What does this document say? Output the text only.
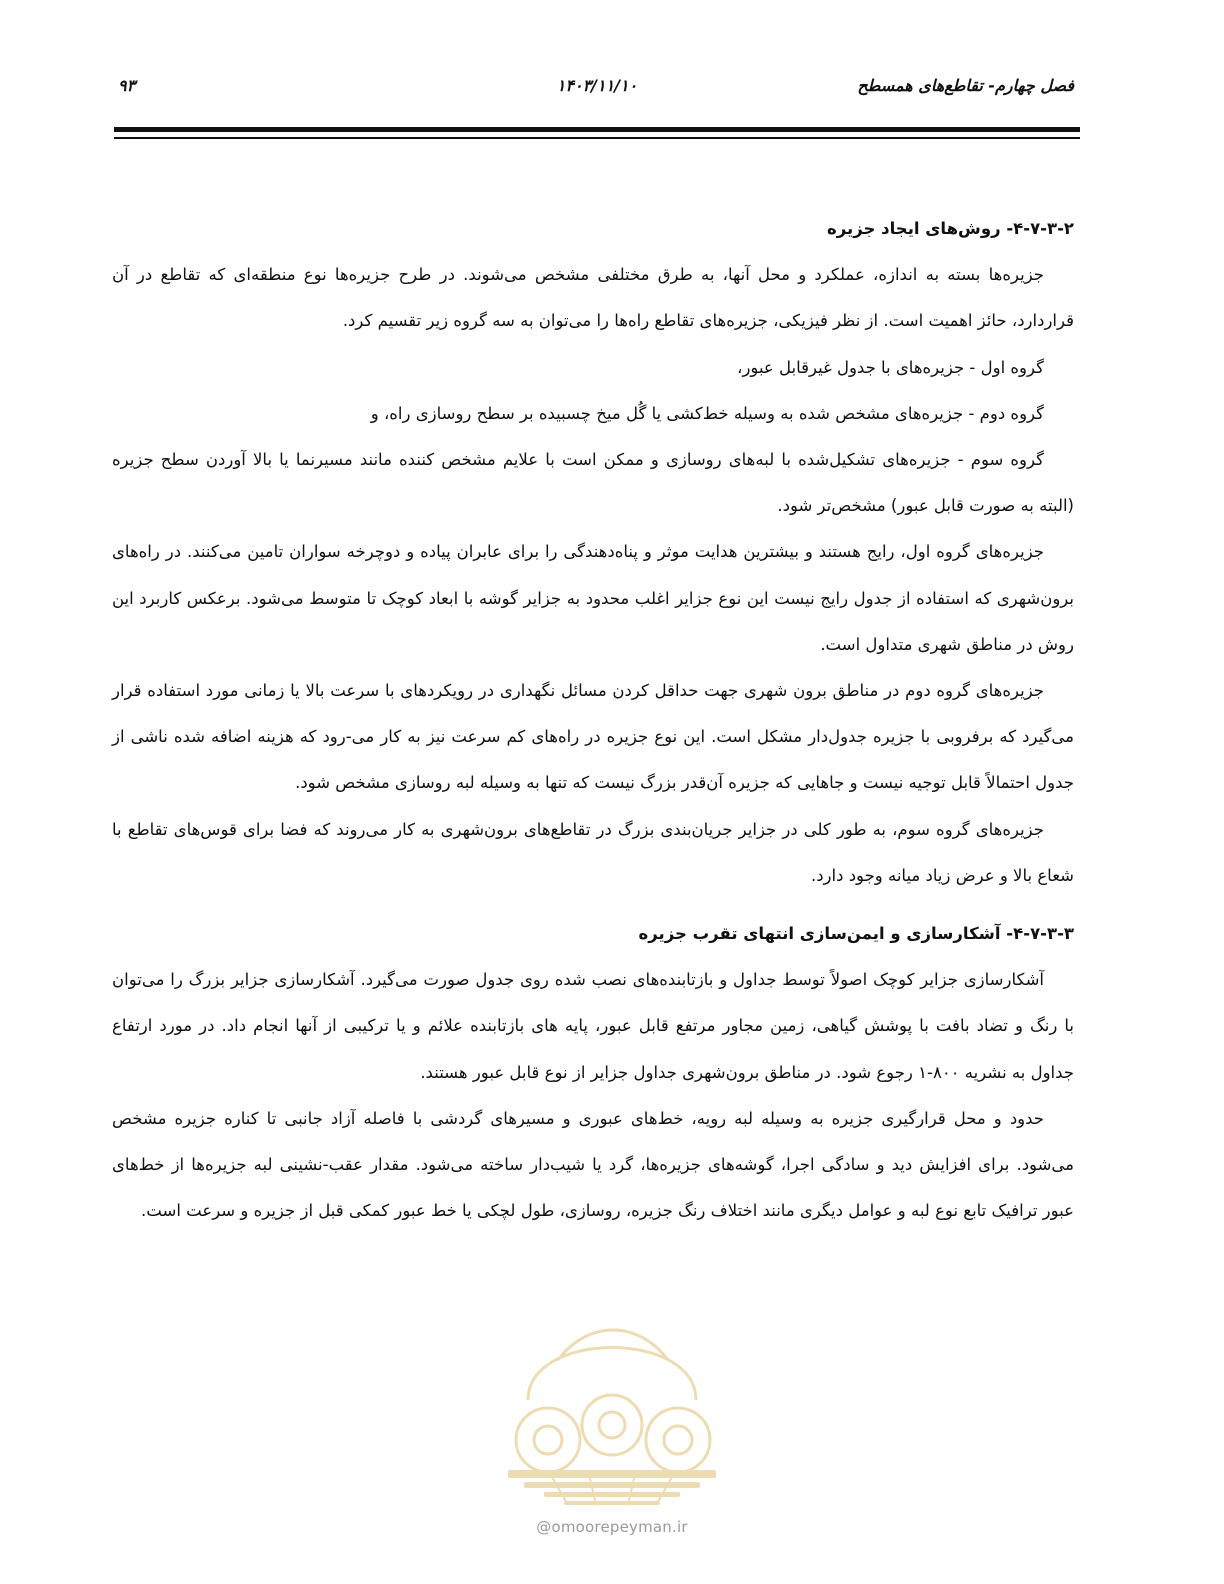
فصل چهارم- تقاطع‌های همسطح
۱۴۰۳/۱۱/۱۰
۹۳
۴-۷-۳-۲- روش‌های ایجاد جزیره

جزیره‌ها بسته به اندازه، عملکرد و محل آنها، به طرق مختلفی مشخص می‌شوند. در طرح جزیره‌ها نوع منطقه‌ای که تقاطع در آن قراردارد، حائز اهمیت است. از نظر فیزیکی، جزیره‌های تقاطع راه‌ها را می‌توان به سه گروه زیر تقسیم کرد.

گروه اول - جزیره‌های با جدول غیرقابل عبور،

گروه دوم - جزیره‌های مشخص شده به وسیله خط‌کشی یا گُل میخ چسبیده بر سطح روسازی راه، و

گروه سوم - جزیره‌های تشکیل‌شده با لبه‌های روسازی و ممکن است با علایم مشخص کننده مانند مسیرنما یا بالا آوردن سطح جزیره (البته به صورت قابل عبور) مشخص‌تر شود.

جزیره‌های گروه اول، رایج هستند و بیشترین هدایت موثر و پناه‌دهندگی را برای عابران پیاده و دوچرخه سواران تامین می‌کنند. در راه‌های برون‌شهری که استفاده از جدول رایج نیست این نوع جزایر اغلب محدود به جزایر گوشه با ابعاد کوچک تا متوسط می‌شود. برعکس کاربرد این روش در مناطق شهری متداول است.

جزیره‌های گروه دوم در مناطق برون شهری جهت حداقل کردن مسائل نگهداری در رویکردهای با سرعت بالا یا زمانی مورد استفاده قرار می‌گیرد که برفروبی با جزیره جدول‌دار مشکل است. این نوع جزیره در راه‌های کم سرعت نیز به کار می-رود که هزینه اضافه شده ناشی از جدول احتمالاً قابل توجیه نیست و جاهایی که جزیره آن‌قدر بزرگ نیست که تنها به وسیله لبه روسازی مشخص شود.

جزیره‌های گروه سوم، به طور کلی در جزایر جریان‌بندی بزرگ در تقاطع‌های برون‌شهری به کار می‌روند که فضا برای قوس‌های تقاطع با شعاع بالا و عرض زیاد میانه وجود دارد.

۴-۷-۳-۳- آشکارسازی و ایمن‌سازی انتهای تقرب جزیره

آشکارسازی جزایر کوچک اصولاً توسط جداول و بازتابنده‌های نصب شده روی جدول صورت می‌گیرد. آشکارسازی جزایر بزرگ را می‌توان با رنگ و تضاد بافت با پوشش گیاهی، زمین مجاور مرتفع قابل عبور، پایه های بازتابنده علائم و یا ترکیبی از آنها انجام داد. در مورد ارتفاع جداول به نشریه ۸۰۰-۱ رجوع شود. در مناطق برون‌شهری جداول جزایر از نوع قابل عبور هستند.

حدود و محل قرارگیری جزیره به وسیله لبه رویه، خط‌های عبوری و مسیرهای گردشی با فاصله آزاد جانبی تا کناره جزیره مشخص می‌شود. برای افزایش دید و سادگی اجرا، گوشه‌های جزیره‌ها، گرد یا شیب‌دار ساخته می‌شود. مقدار عقب-نشینی لبه جزیره‌ها از خط‌های عبور ترافیک تابع نوع لبه و عوامل دیگری مانند اختلاف رنگ جزیره، روسازی، طول لچکی یا خط عبور کمکی قبل از جزیره و سرعت است.

@omoorepeyman.ir
